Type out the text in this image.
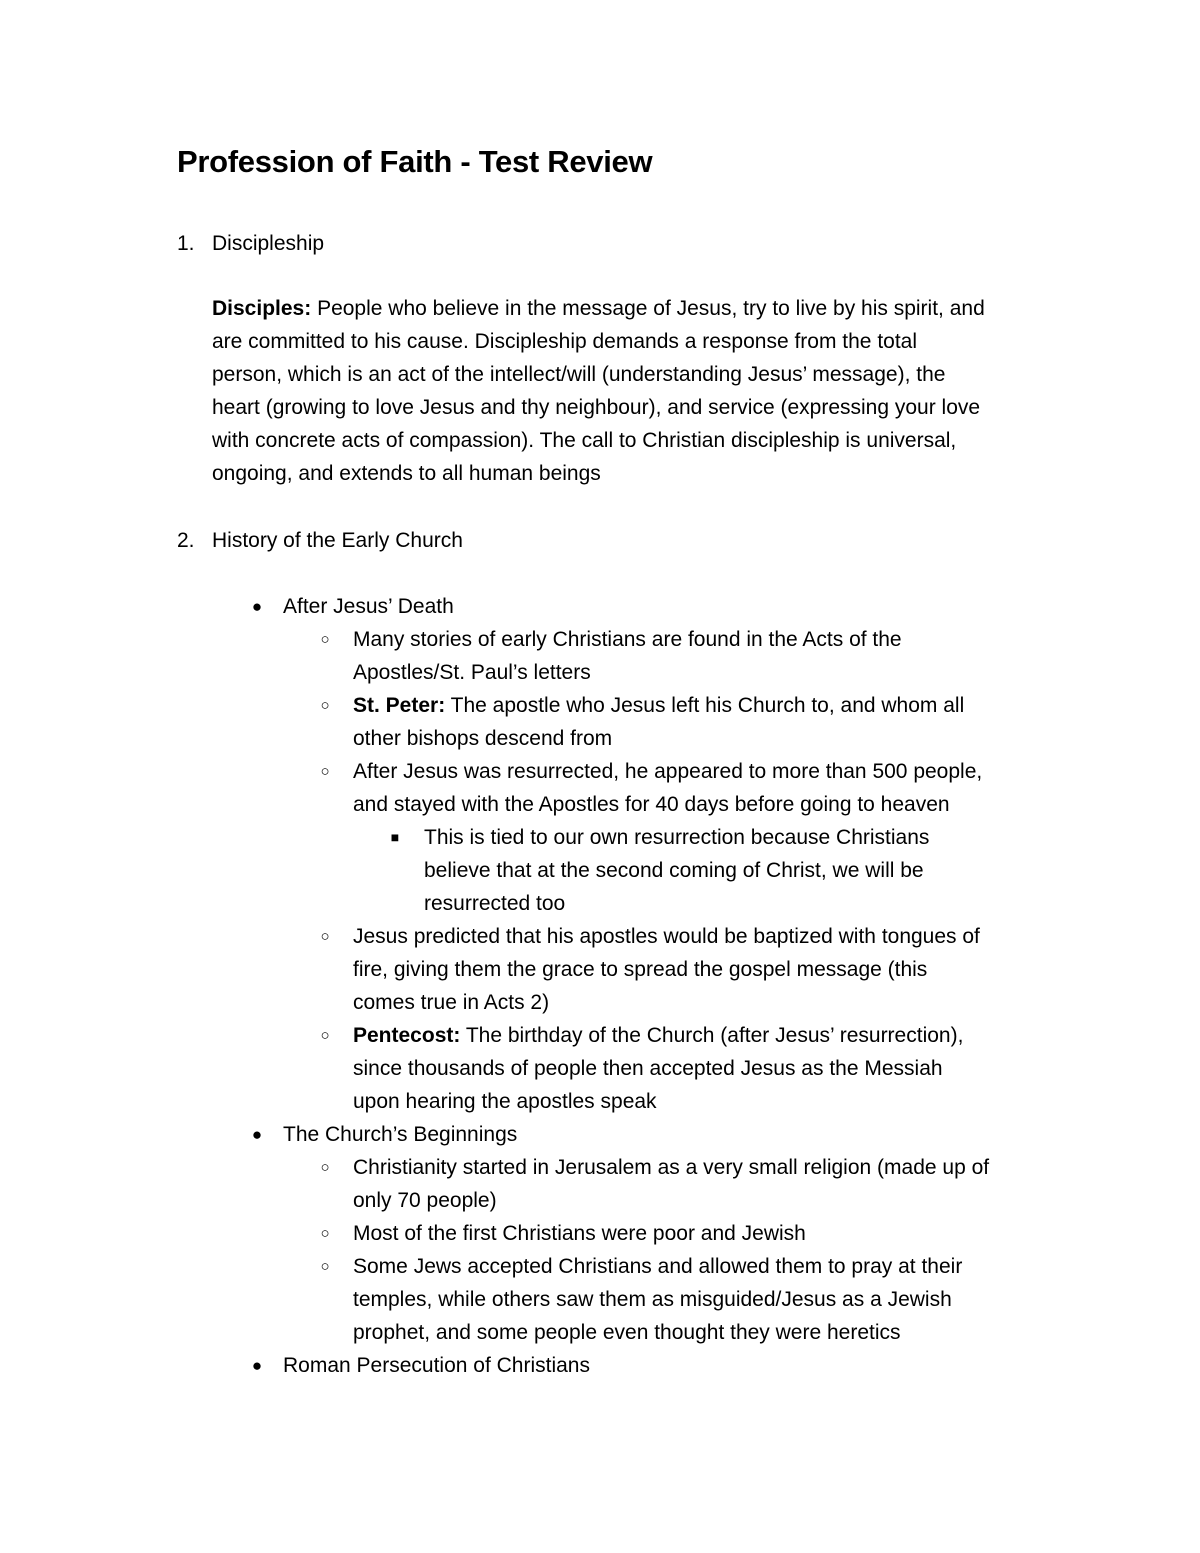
Profession of Faith - Test Review
1. Discipleship
Disciples: People who believe in the message of Jesus, try to live by his spirit, and
are committed to his cause. Discipleship demands a response from the total
person, which is an act of the intellect/will (understanding Jesus’ message), the
heart (growing to love Jesus and thy neighbour), and service (expressing your love
with concrete acts of compassion). The call to Christian discipleship is universal,
ongoing, and extends to all human beings
2. History of the Early Church
● After Jesus’ Death
○ Many stories of early Christians are found in the Acts of the
Apostles/St. Paul’s letters
○ St. Peter: The apostle who Jesus left his Church to, and whom all
other bishops descend from
○ After Jesus was resurrected, he appeared to more than 500 people,
and stayed with the Apostles for 40 days before going to heaven
■ This is tied to our own resurrection because Christians
believe that at the second coming of Christ, we will be
resurrected too
○ Jesus predicted that his apostles would be baptized with tongues of
fire, giving them the grace to spread the gospel message (this
comes true in Acts 2)
○ Pentecost: The birthday of the Church (after Jesus’ resurrection),
since thousands of people then accepted Jesus as the Messiah
upon hearing the apostles speak
● The Church’s Beginnings
○ Christianity started in Jerusalem as a very small religion (made up of
only 70 people)
○ Most of the first Christians were poor and Jewish
○ Some Jews accepted Christians and allowed them to pray at their
temples, while others saw them as misguided/Jesus as a Jewish
prophet, and some people even thought they were heretics
● Roman Persecution of Christians
